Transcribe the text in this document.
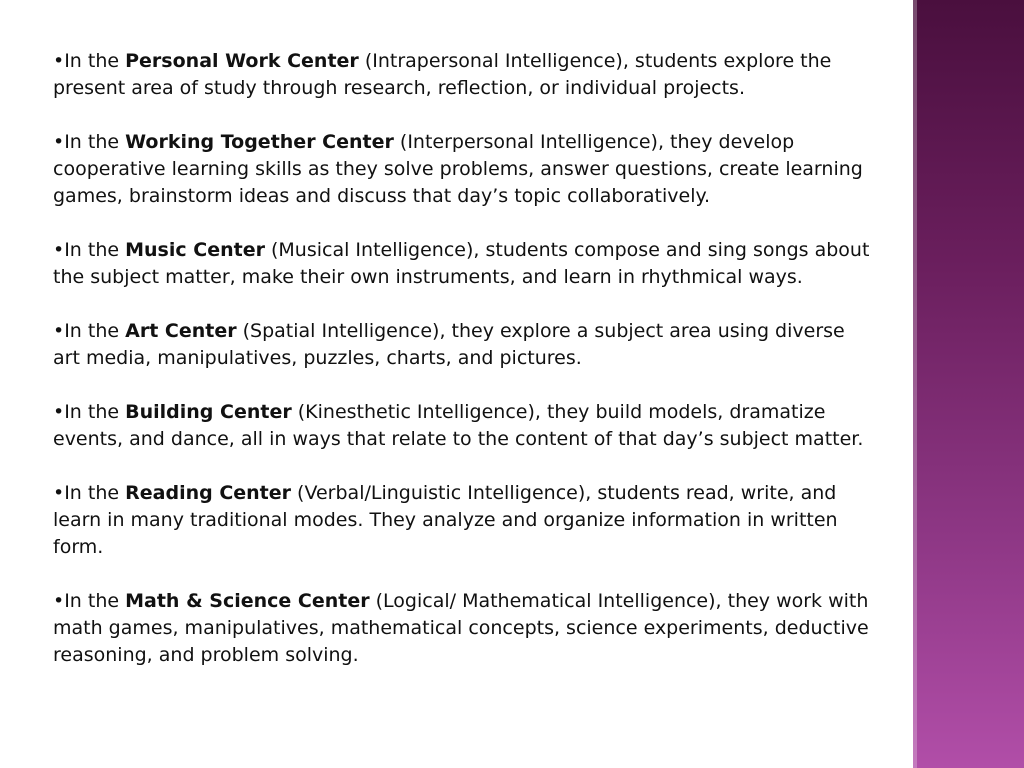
•In the Personal Work Center (Intrapersonal Intelligence), students explore the present area of study through research, reflection, or individual projects.

•In the Working Together Center (Interpersonal Intelligence), they develop cooperative learning skills as they solve problems, answer questions, create learning games, brainstorm ideas and discuss that day’s topic collaboratively.

•In the Music Center (Musical Intelligence), students compose and sing songs about the subject matter, make their own instruments, and learn in rhythmical ways.

•In the Art Center (Spatial Intelligence), they explore a subject area using diverse art media, manipulatives, puzzles, charts, and pictures.

•In the Building Center (Kinesthetic Intelligence), they build models, dramatize events, and dance, all in ways that relate to the content of that day’s subject matter.

•In the Reading Center (Verbal/Linguistic Intelligence), students read, write, and learn in many traditional modes. They analyze and organize information in written form.

•In the Math & Science Center (Logical/ Mathematical Intelligence), they work with math games, manipulatives, mathematical concepts, science experiments, deductive reasoning, and problem solving.
